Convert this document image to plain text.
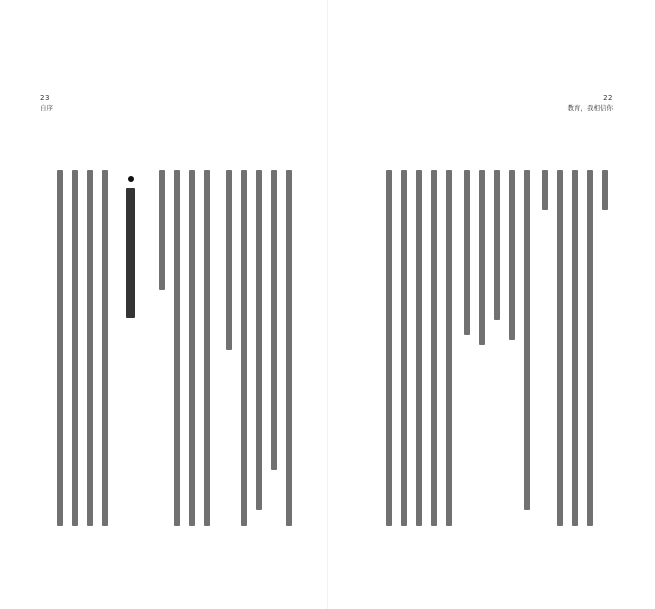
23
自序
22
教育，我相信你
